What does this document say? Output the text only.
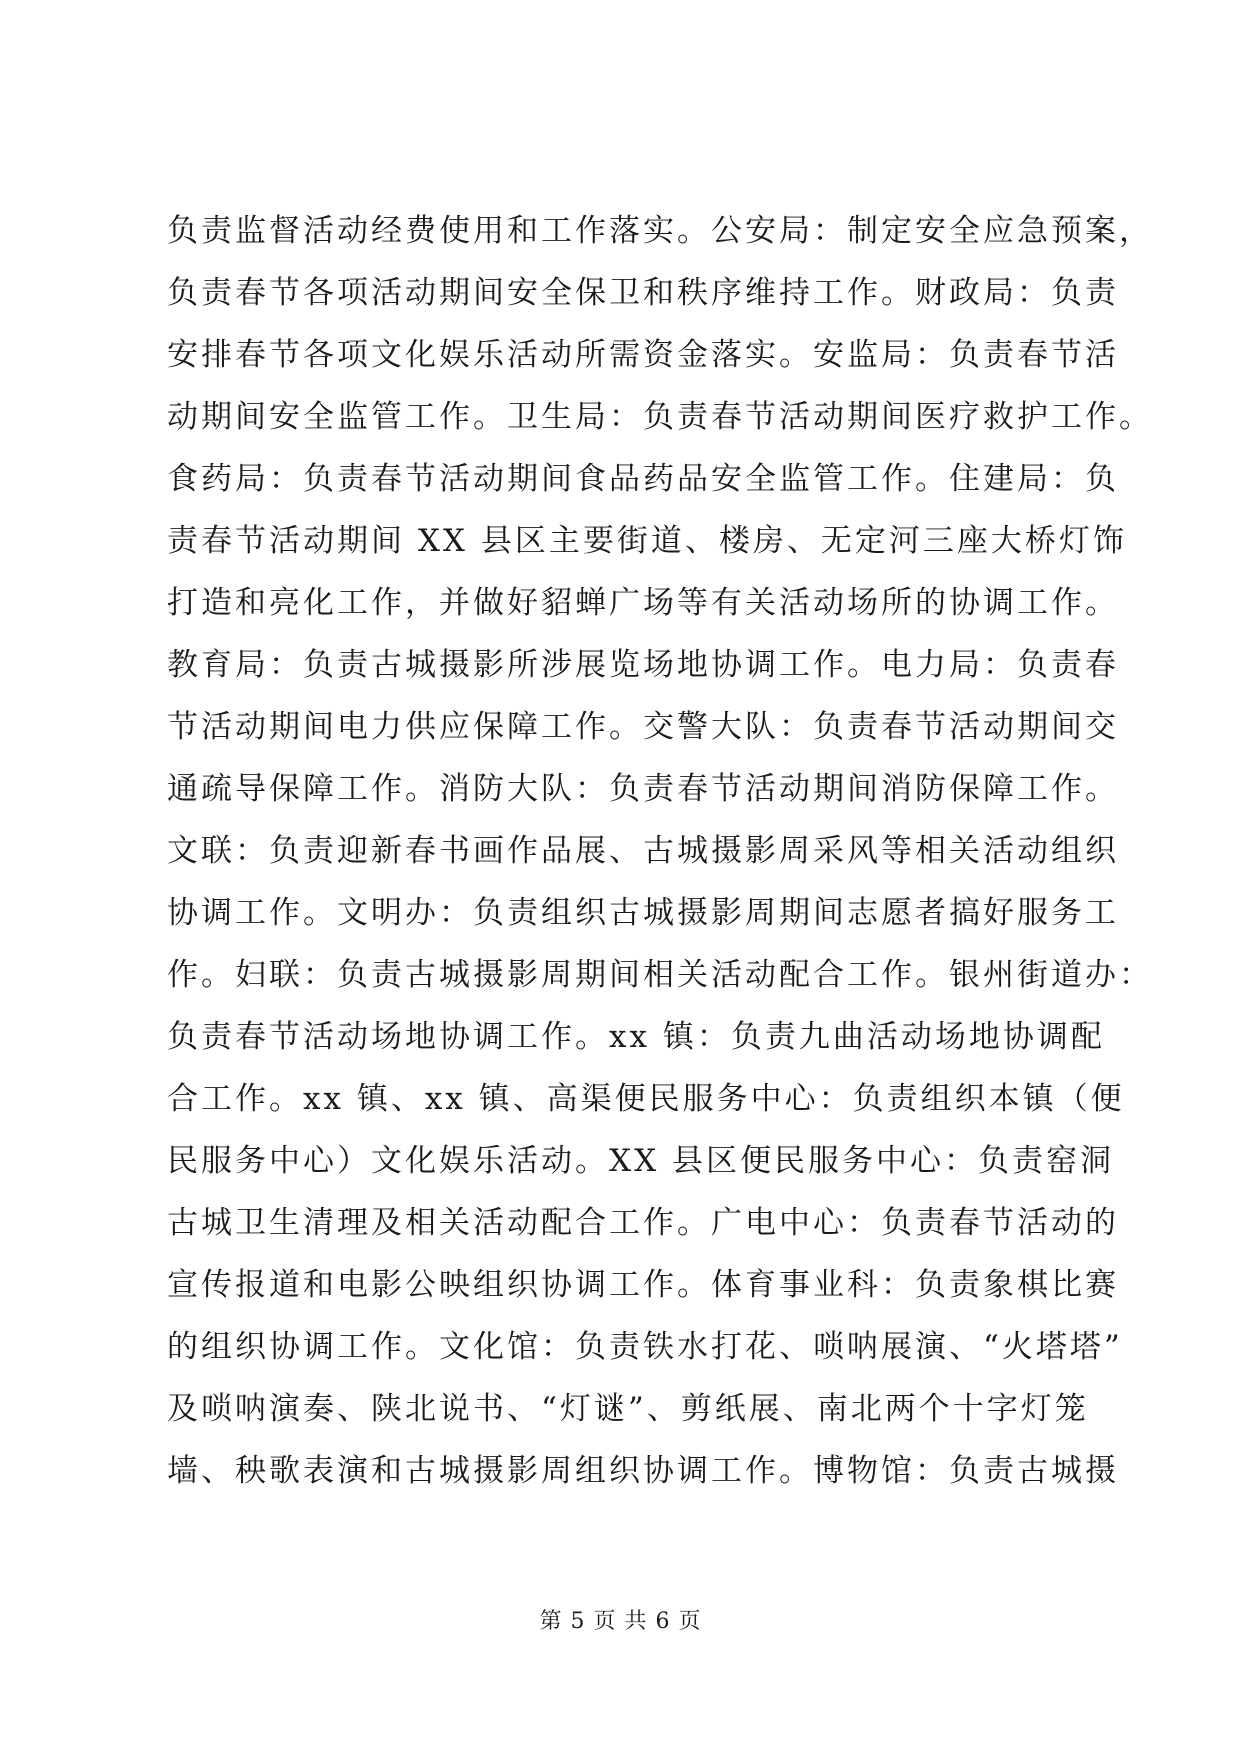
负责监督活动经费使用和工作落实。公安局：制定安全应急预案，
负责春节各项活动期间安全保卫和秩序维持工作。财政局：负责
安排春节各项文化娱乐活动所需资金落实。安监局：负责春节活
动期间安全监管工作。卫生局：负责春节活动期间医疗救护工作。
食药局：负责春节活动期间食品药品安全监管工作。住建局：负
责春节活动期间 XX 县区主要街道、楼房、无定河三座大桥灯饰
打造和亮化工作，并做好貂蝉广场等有关活动场所的协调工作。
教育局：负责古城摄影所涉展览场地协调工作。电力局：负责春
节活动期间电力供应保障工作。交警大队：负责春节活动期间交
通疏导保障工作。消防大队：负责春节活动期间消防保障工作。
文联：负责迎新春书画作品展、古城摄影周采风等相关活动组织
协调工作。文明办：负责组织古城摄影周期间志愿者搞好服务工
作。妇联：负责古城摄影周期间相关活动配合工作。银州街道办：
负责春节活动场地协调工作。xx 镇：负责九曲活动场地协调配
合工作。xx 镇、xx 镇、高渠便民服务中心：负责组织本镇（便
民服务中心）文化娱乐活动。XX 县区便民服务中心：负责窑洞
古城卫生清理及相关活动配合工作。广电中心：负责春节活动的
宣传报道和电影公映组织协调工作。体育事业科：负责象棋比赛
的组织协调工作。文化馆：负责铁水打花、唢呐展演、“火塔塔”
及唢呐演奏、陕北说书、“灯谜”、剪纸展、南北两个十字灯笼
墙、秧歌表演和古城摄影周组织协调工作。博物馆：负责古城摄
第 5 页 共 6 页
